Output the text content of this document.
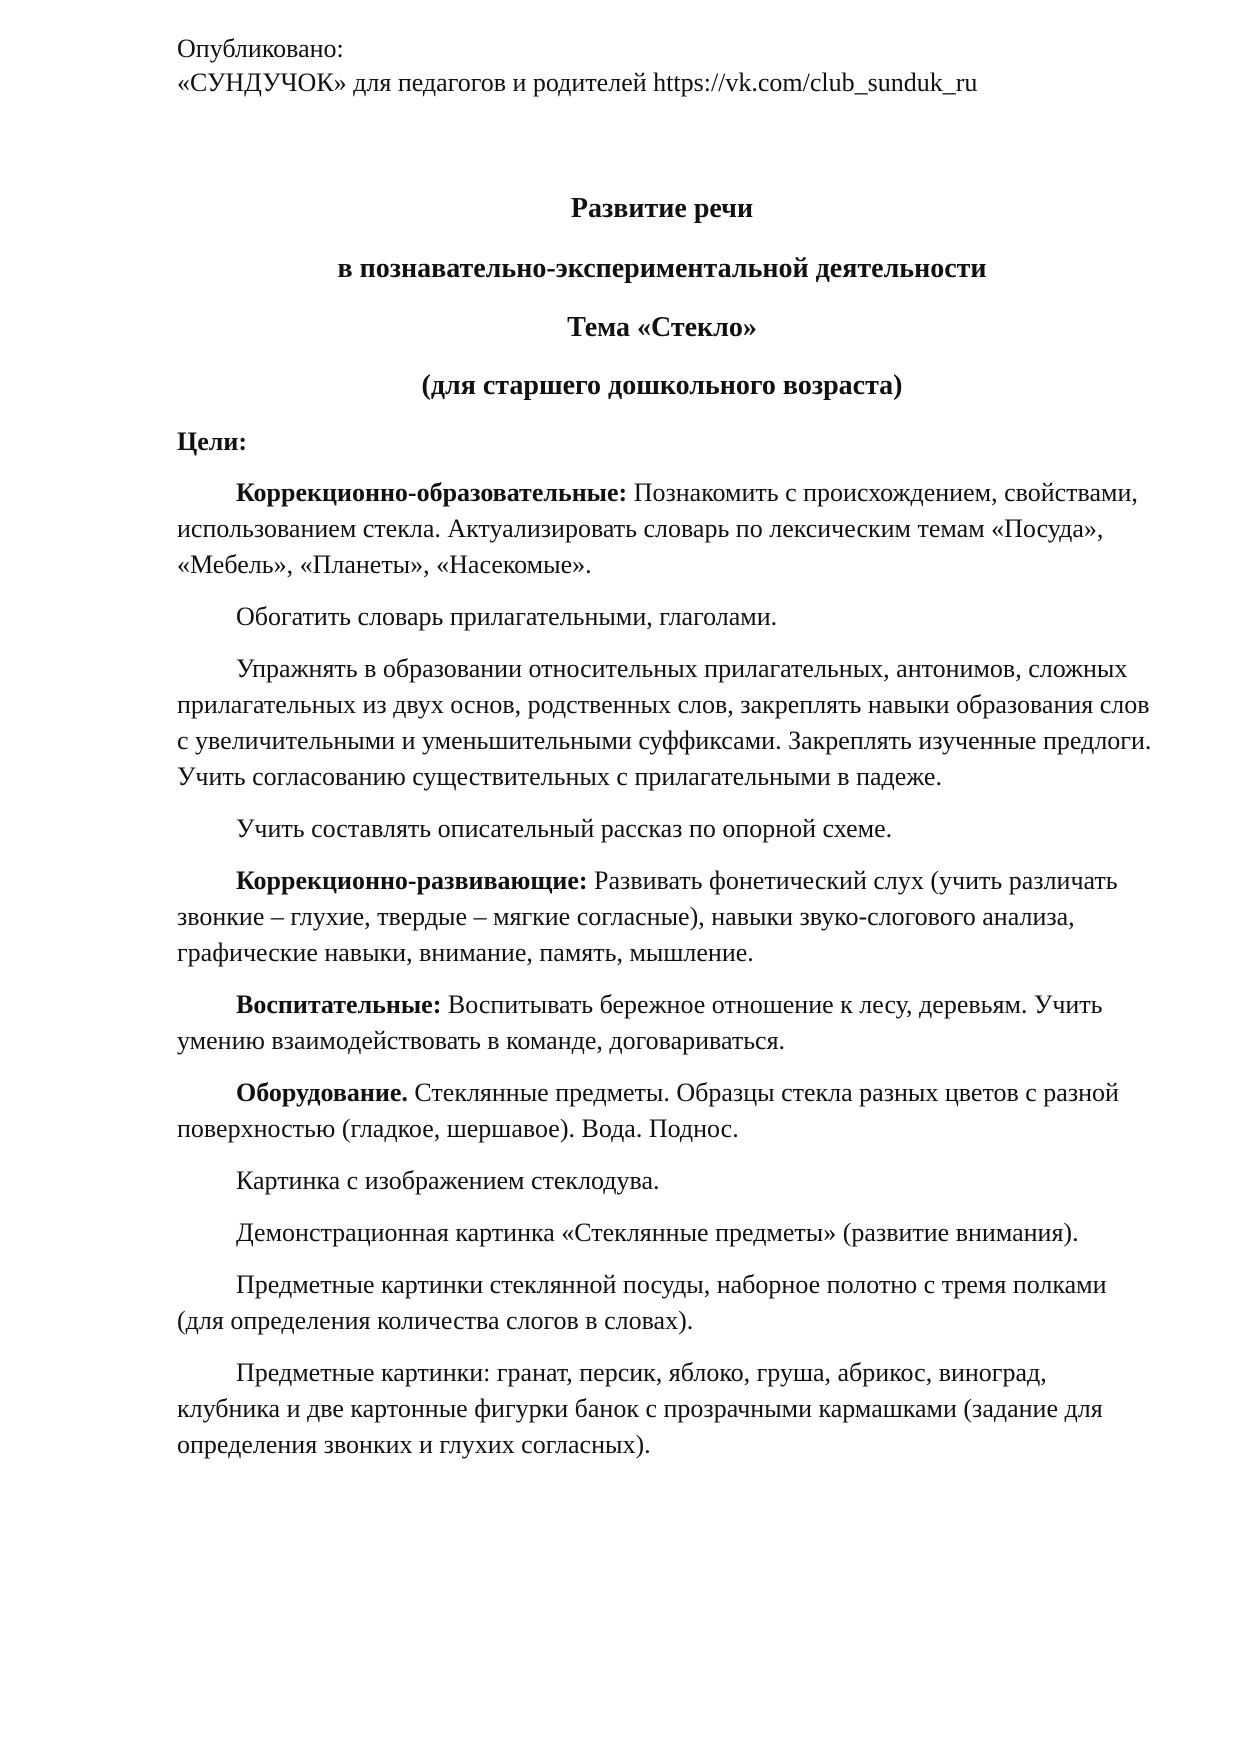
Опубликовано:
«СУНДУЧОК» для педагогов и родителей https://vk.com/club_sunduk_ru
Развитие речи
в познавательно-экспериментальной деятельности
Тема «Стекло»
(для старшего дошкольного возраста)
Цели:

Коррекционно-образовательные: Познакомить с происхождением, свойствами, использованием стекла. Актуализировать словарь по лексическим темам «Посуда», «Мебель», «Планеты», «Насекомые».

Обогатить словарь прилагательными, глаголами.

Упражнять в образовании относительных прилагательных, антонимов, сложных прилагательных из двух основ, родственных слов, закреплять навыки образования слов с увеличительными и уменьшительными суффиксами. Закреплять изученные предлоги. Учить согласованию существительных с прилагательными в падеже.

Учить составлять описательный рассказ по опорной схеме.

Коррекционно-развивающие: Развивать фонетический слух (учить различать звонкие – глухие, твердые – мягкие согласные), навыки звуко-слогового анализа, графические навыки, внимание, память, мышление.

Воспитательные: Воспитывать бережное отношение к лесу, деревьям. Учить умению взаимодействовать в команде, договариваться.

Оборудование. Стеклянные предметы. Образцы стекла разных цветов с разной поверхностью (гладкое, шершавое). Вода. Поднос.

Картинка с изображением стеклодува.

Демонстрационная картинка «Стеклянные предметы» (развитие внимания).

Предметные картинки стеклянной посуды, наборное полотно с тремя полками (для определения количества слогов в словах).

Предметные картинки: гранат, персик, яблоко, груша, абрикос, виноград, клубника и две картонные фигурки банок с прозрачными кармашками (задание для определения звонких и глухих согласных).
